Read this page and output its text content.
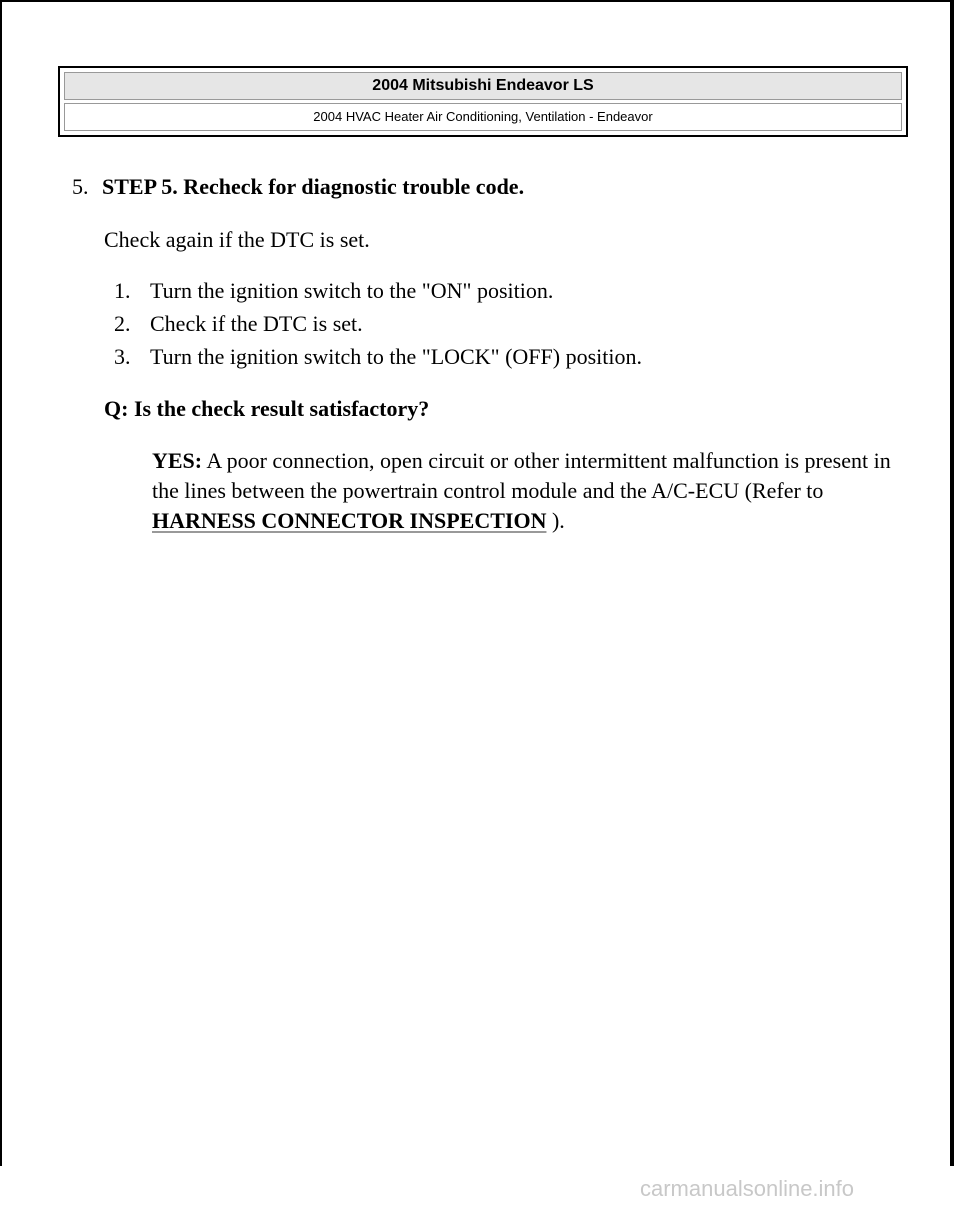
2004 Mitsubishi Endeavor LS
2004 HVAC Heater Air Conditioning, Ventilation - Endeavor
5. STEP 5. Recheck for diagnostic trouble code.
Check again if the DTC is set.
1. Turn the ignition switch to the "ON" position.
2. Check if the DTC is set.
3. Turn the ignition switch to the "LOCK" (OFF) position.
Q: Is the check result satisfactory?
YES: A poor connection, open circuit or other intermittent malfunction is present in the lines between the powertrain control module and the A/C-ECU (Refer to HARNESS CONNECTOR INSPECTION ).
carmanualsonline.info
